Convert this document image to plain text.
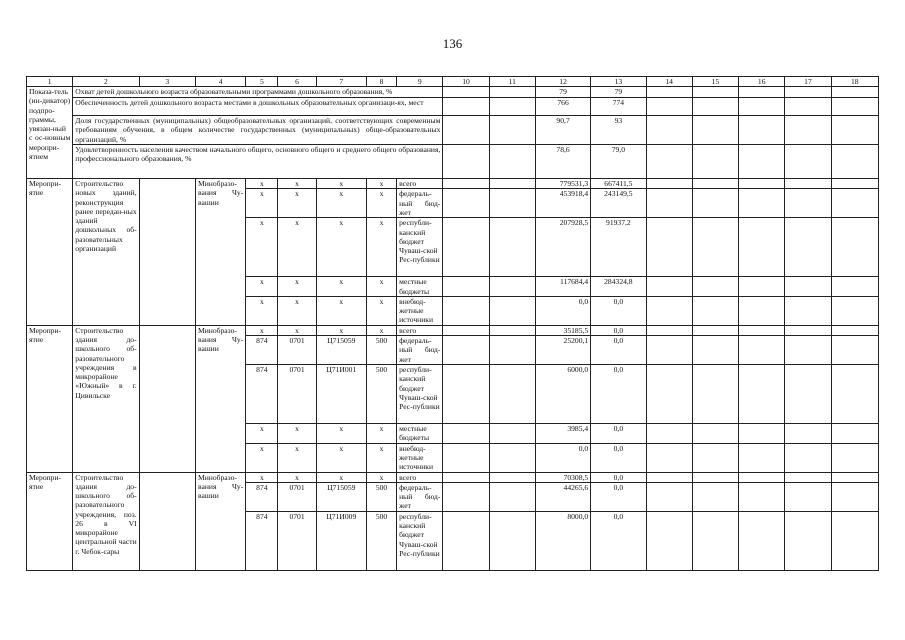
136
1	2	3	4	5	6	7	8	9	10	11	12	13	14	15	16	17	18
Показа-тель (ин-дикатор) подпро-граммы, увязан-ный с ос-новным меропри-ятием	Охват детей дошкольного возраста образовательными программами дошкольного образования, %										79	79					
	Обеспеченность детей дошкольного возраста местами в дошкольных образовательных организаци-ях, мест										766	774					
	Доля государственных (муниципальных) общеобразовательных организаций, соответствующих современным требованиям обучения, в общем количестве государственных (муниципальных) обще-образовательных организаций, %										90,7	93					
	Удовлетворенность населения качеством начального общего, основного общего и среднего общего образования, профессионального образования, %										78,6	79,0					
Меропри-ятие	Строительство новых зданий, реконструкция ранее передан-ных зданий дошкольных об-разовательных организаций		Минобразо-вания Чу-вашии	х	х	х	х	всего			779531,3	667411,5					
				х	х	х	х	федераль-ный бюд-жет			453918,4	243149,5					
				х	х	х	х	республи-канский бюджет Чуваш-ской Рес-публики			207928,5	91937,2					
				х	х	х	х	местные бюджеты			117684,4	284324,8					
				х	х	х	х	внебюд-жетные источники			0,0	0,0					
Меропри-ятие	Строительство здания до-школьного об-разовательного учреждения в микрорайоне «Южный» в г. Цивильске		Минобразо-вания Чу-вашии	х	х	х	х	всего			35185,5	0,0					
				874	0701	Ц715059	500	федераль-ный бюд-жет			25200,1	0,0					
				874	0701	Ц71И001	500	республи-канский бюджет Чуваш-ской Рес-публики			6000,0	0,0					
				х	х	х	х	местные бюджеты			3985,4	0,0					
				х	х	х	х	внебюд-жетные источники			0,0	0,0					
Меропри-ятие	Строительство здания до-школьного об-разовательного учреждения, поз. 26 в VI микрорайоне центральной части г. Чебок-сары		Минобразо-вания Чу-вашии	х	х	х	х	всего			70308,5	0,0					
				874	0701	Ц715059	500	федераль-ный бюд-жет			44265,6	0,0					
				874	0701	Ц71И009	500	республи-канский бюджет Чуваш-ской Рес-публики			8000,0	0,0					
